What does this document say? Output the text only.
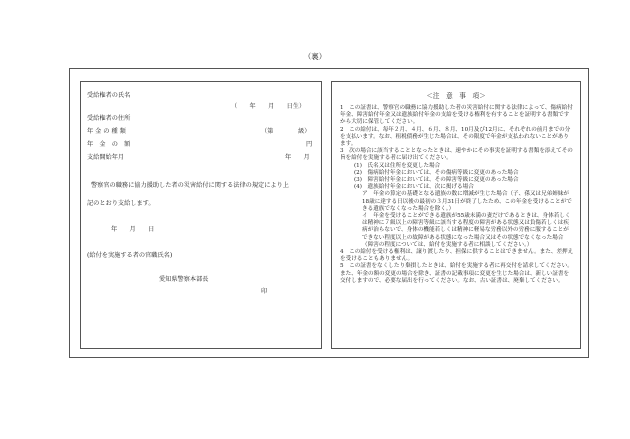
（裏）
受給権者の氏名
（　　年　　月　　日生）
受給権者の住所
年 金 の 種 類	（第　　　　級）
年　金　の　額	円
支給開始年月	年　　月
警察官の職務に協力援助した者の災害給付に関する法律の規定により上
記のとおり支給します。
年　　月　　日
(給付を実施する者の官職氏名)
愛知県警察本部長
印
＜注　意　事　項＞
1　この証書は、警察官の職務に協力援助した者の災害給付に関する法律によって、傷病給付年金、障害給付年金又は遺族給付年金の支給を受ける権利を有することを証明する書類ですから大切に保管してください。
2　この給付は、毎年２月、４月、６月、８月、10月及び12月に、それぞれの前月までの分を支払います。なお、租税債務が生じた場合は、その限度で年金が支払われないことがあります。
3　次の場合に該当することとなったときは、速やかにその事実を証明する書類を添えてその旨を給付を実施する者に届け出てください。
(1)　氏名又は住所を変更した場合
(2)　傷病給付年金においては、その傷病等級に変更のあった場合
(3)　障害給付年金においては、その障害等級に変更のあった場合
(4)　遺族給付年金においては、次に掲げる場合
ア　年金の算定の基礎となる遺族の数に増減が生じた場合（子、孫又は兄弟姉妹が18歳に達する日以後の最初の３月31日が終了したため、この年金を受けることができる遺族でなくなった場合を除く。）
イ　年金を受けることができる遺族が55歳未満の妻だけであるときは、身体若しくは精神に７級以上の障害等級に該当する程度の障害がある状態又は負傷若しくは疾病が治らないで、身体の機能若しくは精神に軽易な労務以外の労務に服することができない程度以上の故障がある状態になった場合又はその状態でなくなった場合（障害の程度については、給付を実施する者に相談してください。）
4　この給付を受ける権利は、譲り渡したり、担保に供することはできません。また、差押えを受けることもありません。
5　この証書をなくしたり棄損したときは、給付を実施する者に再交付を請求してください。また、年金の額の変更の場合を除き、証書の記載事項に変更を生じた場合は、新しい証書を交付しますので、必要な届出を行ってください。なお、古い証書は、廃棄してください。
